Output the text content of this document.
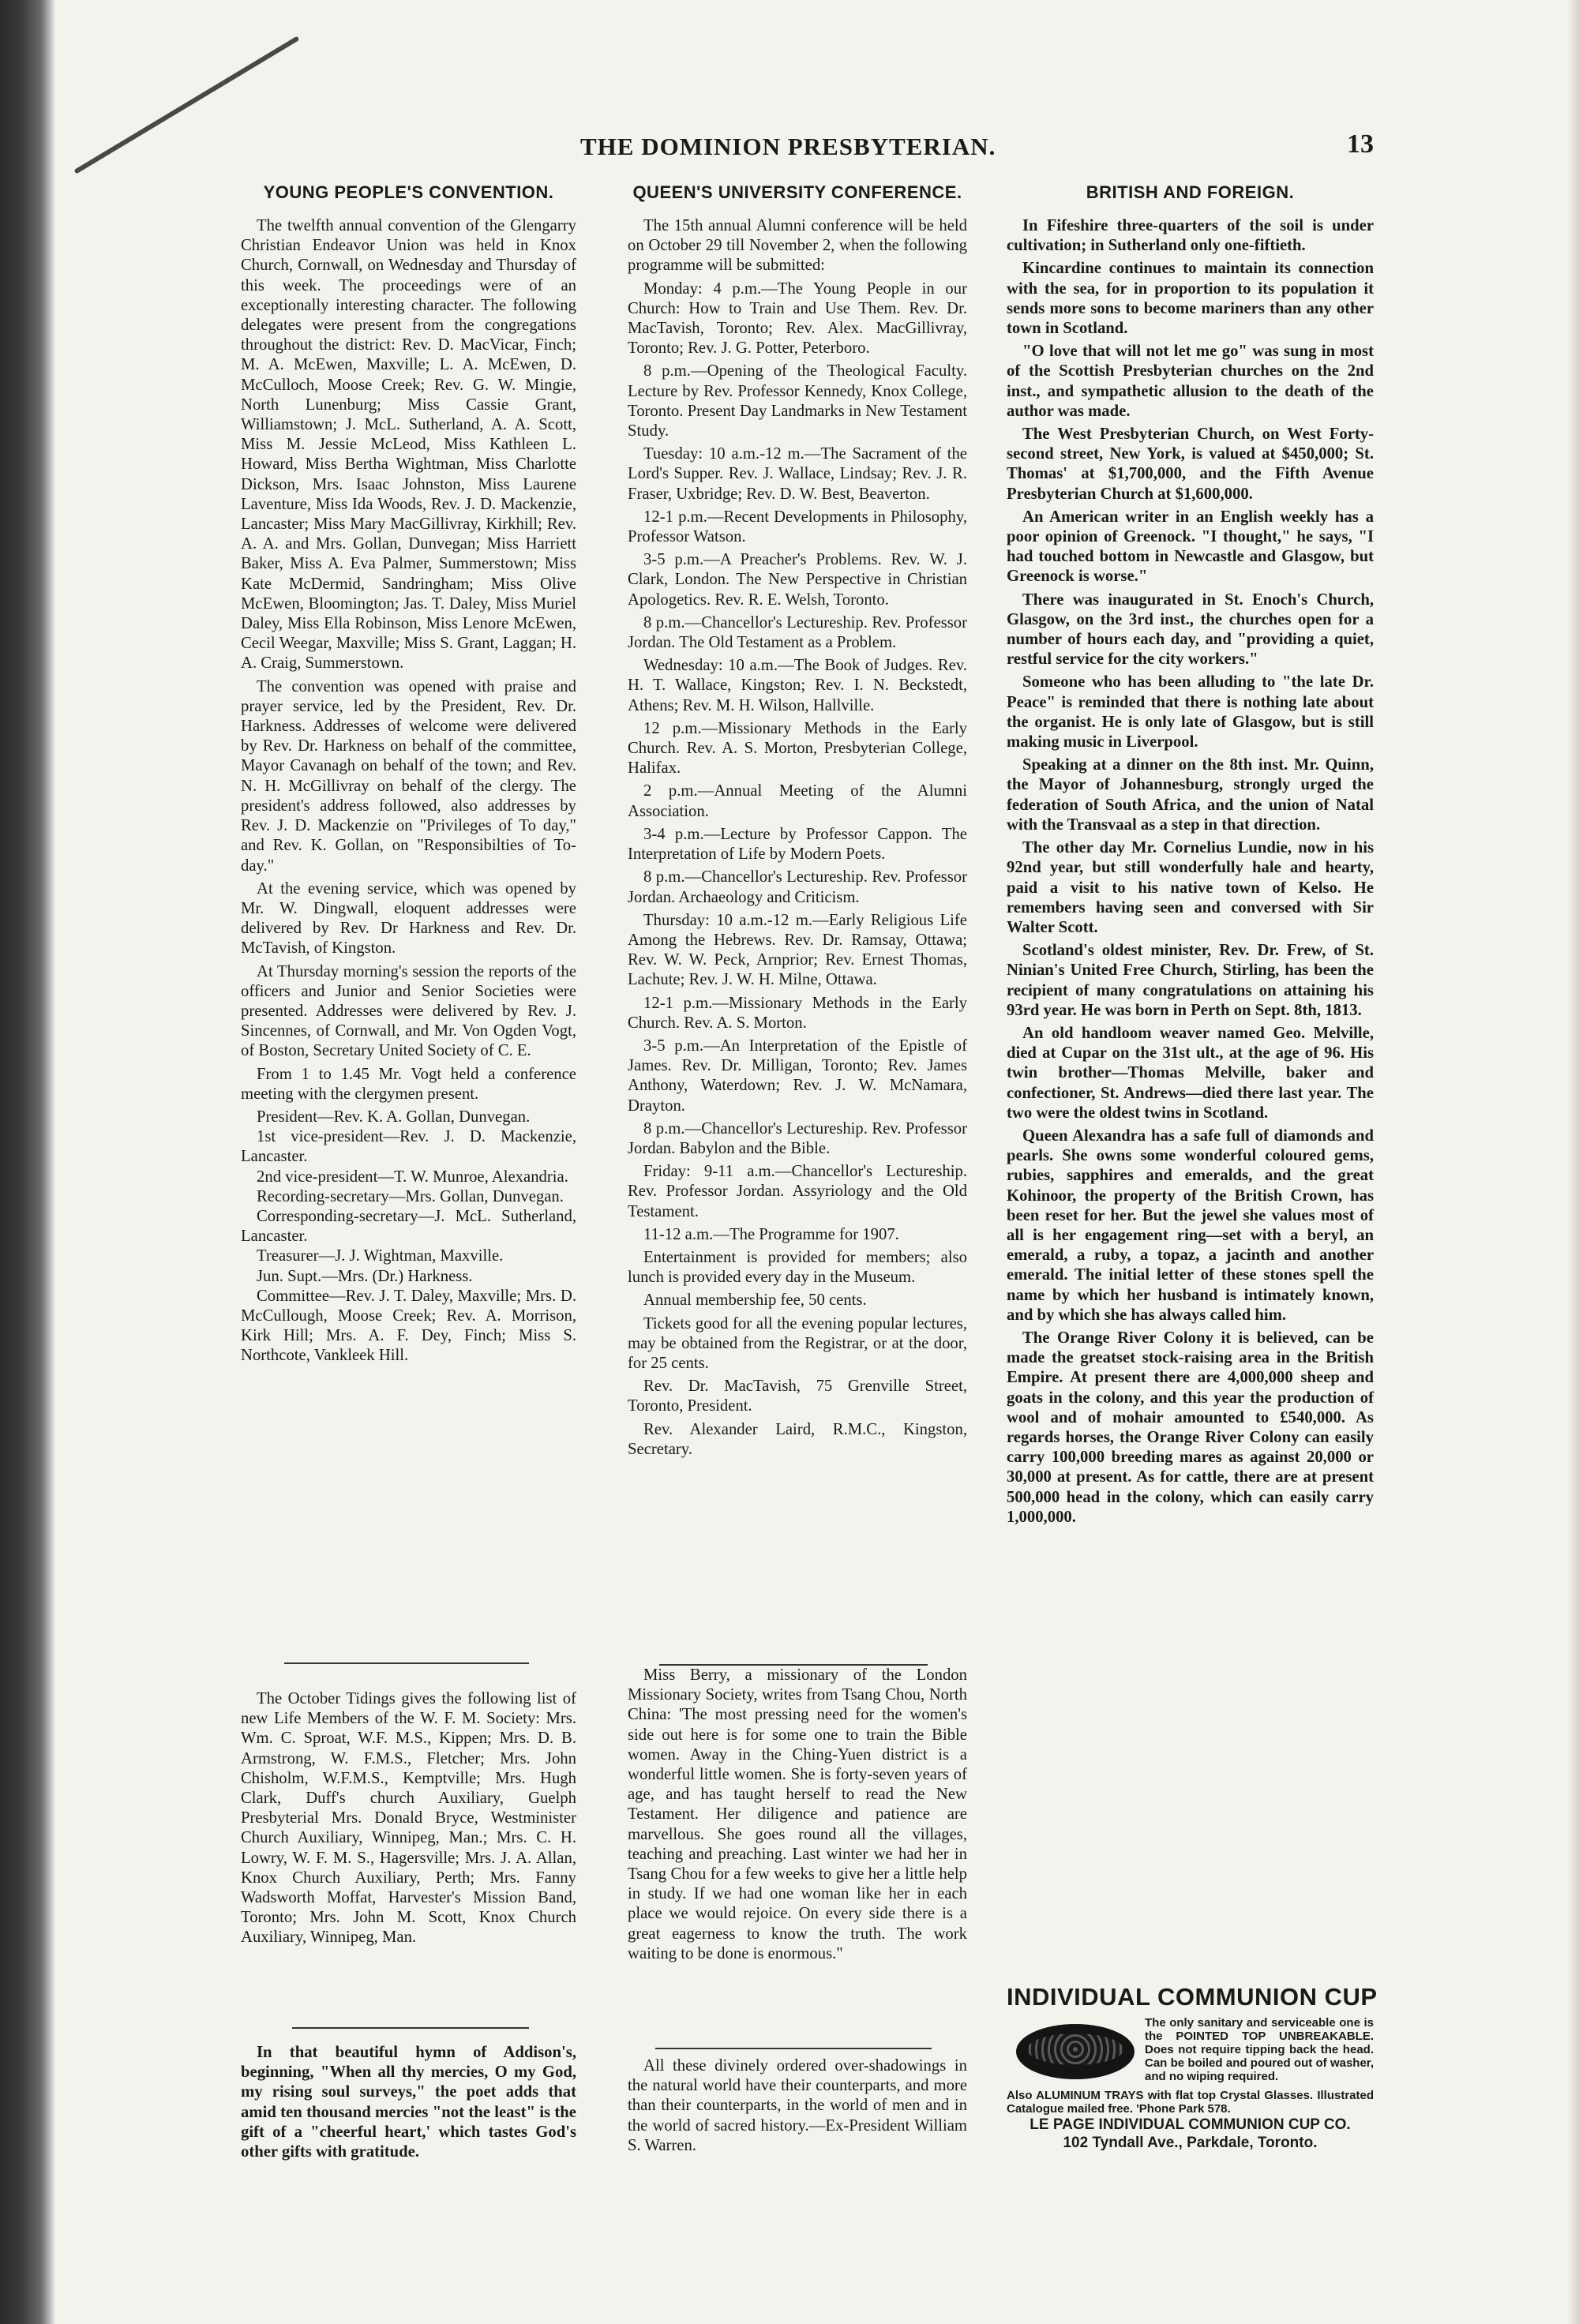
THE DOMINION PRESBYTERIAN.	13
YOUNG PEOPLE'S CONVENTION.

The twelfth annual convention of the Glengarry Christian Endeavor Union was held in Knox Church, Cornwall, on Wednesday and Thursday of this week. The proceedings were of an exceptionally interesting character. The following delegates were present from the congregations throughout the district: Rev. D. MacVicar, Finch; M. A. McEwen, Maxville; L. A. McEwen, D. McCulloch, Moose Creek; Rev. G. W. Mingie, North Lunenburg; Miss Cassie Grant, Williamstown; J. McL. Sutherland, A. A. Scott, Miss M. Jessie McLeod, Miss Kathleen L. Howard, Miss Bertha Wightman, Miss Charlotte Dickson, Mrs. Isaac Johnston, Miss Laurene Laventure, Miss Ida Woods, Rev. J. D. Mackenzie, Lancaster; Miss Mary MacGillivray, Kirkhill; Rev. A. A. and Mrs. Gollan, Dunvegan; Miss Harriett Baker, Miss A. Eva Palmer, Summerstown; Miss Kate McDermid, Sandringham; Miss Olive McEwen, Bloomington; Jas. T. Daley, Miss Muriel Daley, Miss Ella Robinson, Miss Lenore McEwen, Cecil Weegar, Maxville; Miss S. Grant, Laggan; H. A. Craig, Summerstown.

The convention was opened with praise and prayer service, led by the President, Rev. Dr. Harkness. Addresses of welcome were delivered by Rev. Dr. Harkness on behalf of the committee, Mayor Cavanagh on behalf of the town; and Rev. N. H. McGillivray on behalf of the clergy. The president's address followed, also addresses by Rev. J. D. Mackenzie on "Privileges of To day," and Rev. K. Gollan, on "Responsibilties of To-day."

At the evening service, which was opened by Mr. W. Dingwall, eloquent addresses were delivered by Rev. Dr Harkness and Rev. Dr. McTavish, of Kingston.

At Thursday morning's session the reports of the officers and Junior and Senior Societies were presented. Addresses were delivered by Rev. J. Sincennes, of Cornwall, and Mr. Von Ogden Vogt, of Boston, Secretary United Society of C. E.

From 1 to 1.45 Mr. Vogt held a conference meeting with the clergymen present.

President—Rev. K. A. Gollan, Dunvegan.

1st vice-president—Rev. J. D. Mackenzie, Lancaster.

2nd vice-president—T. W. Munroe, Alexandria.

Recording-secretary—Mrs. Gollan, Dunvegan.

Corresponding-secretary—J. McL. Sutherland, Lancaster.

Treasurer—J. J. Wightman, Maxville.

Jun. Supt.—Mrs. (Dr.) Harkness.

Committee—Rev. J. T. Daley, Maxville; Mrs. D. McCullough, Moose Creek; Rev. A. Morrison, Kirk Hill; Mrs. A. F. Dey, Finch; Miss S. Northcote, Vankleek Hill.

The October Tidings gives the following list of new Life Members of the W. F. M. Society: Mrs. Wm. C. Sproat, W.F. M.S., Kippen; Mrs. D. B. Armstrong, W. F.M.S., Fletcher; Mrs. John Chisholm, W.F.M.S., Kemptville; Mrs. Hugh Clark, Duff's church Auxiliary, Guelph Presbyterial Mrs. Donald Bryce, Westminister Church Auxiliary, Winnipeg, Man.; Mrs. C. H. Lowry, W. F. M. S., Hagersville; Mrs. J. A. Allan, Knox Church Auxiliary, Perth; Mrs. Fanny Wadsworth Moffat, Harvester's Mission Band, Toronto; Mrs. John M. Scott, Knox Church Auxiliary, Winnipeg, Man.

In that beautiful hymn of Addison's, beginning, "When all thy mercies, O my God, my rising soul surveys," the poet adds that amid ten thousand mercies "not the least" is the gift of a "cheerful heart,' which tastes God's other gifts with gratitude.

QUEEN'S UNIVERSITY CONFERENCE.

The 15th annual Alumni conference will be held on October 29 till November 2, when the following programme will be submitted:

Monday: 4 p.m.—The Young People in our Church: How to Train and Use Them. Rev. Dr. MacTavish, Toronto; Rev. Alex. MacGillivray, Toronto; Rev. J. G. Potter, Peterboro.

8 p.m.—Opening of the Theological Faculty. Lecture by Rev. Professor Kennedy, Knox College, Toronto. Present Day Landmarks in New Testament Study.

Tuesday: 10 a.m.-12 m.—The Sacrament of the Lord's Supper. Rev. J. Wallace, Lindsay; Rev. J. R. Fraser, Uxbridge; Rev. D. W. Best, Beaverton.

12-1 p.m.—Recent Developments in Philosophy, Professor Watson.

3-5 p.m.—A Preacher's Problems. Rev. W. J. Clark, London. The New Perspective in Christian Apologetics. Rev. R. E. Welsh, Toronto.

8 p.m.—Chancellor's Lectureship. Rev. Professor Jordan. The Old Testament as a Problem.

Wednesday: 10 a.m.—The Book of Judges. Rev. H. T. Wallace, Kingston; Rev. I. N. Beckstedt, Athens; Rev. M. H. Wilson, Hallville.

12 p.m.—Missionary Methods in the Early Church. Rev. A. S. Morton, Presbyterian College, Halifax.

2 p.m.—Annual Meeting of the Alumni Association.

3-4 p.m.—Lecture by Professor Cappon. The Interpretation of Life by Modern Poets.

8 p.m.—Chancellor's Lectureship. Rev. Professor Jordan. Archaeology and Criticism.

Thursday: 10 a.m.-12 m.—Early Religious Life Among the Hebrews. Rev. Dr. Ramsay, Ottawa; Rev. W. W. Peck, Arnprior; Rev. Ernest Thomas, Lachute; Rev. J. W. H. Milne, Ottawa.

12-1 p.m.—Missionary Methods in the Early Church. Rev. A. S. Morton.

3-5 p.m.—An Interpretation of the Epistle of James. Rev. Dr. Milligan, Toronto; Rev. James Anthony, Waterdown; Rev. J. W. McNamara, Drayton.

8 p.m.—Chancellor's Lectureship. Rev. Professor Jordan. Babylon and the Bible.

Friday: 9-11 a.m.—Chancellor's Lectureship. Rev. Professor Jordan. Assyriology and the Old Testament.

11-12 a.m.—The Programme for 1907.

Entertainment is provided for members; also lunch is provided every day in the Museum.

Annual membership fee, 50 cents.

Tickets good for all the evening popular lectures, may be obtained from the Registrar, or at the door, for 25 cents.

Rev. Dr. MacTavish, 75 Grenville Street, Toronto, President.

Rev. Alexander Laird, R.M.C., Kingston, Secretary.

Miss Berry, a missionary of the London Missionary Society, writes from Tsang Chou, North China: 'The most pressing need for the women's side out here is for some one to train the Bible women. Away in the Ching-Yuen district is a wonderful little women. She is forty-seven years of age, and has taught herself to read the New Testament. Her diligence and patience are marvellous. She goes round all the villages, teaching and preaching. Last winter we had her in Tsang Chou for a few weeks to give her a little help in study. If we had one woman like her in each place we would rejoice. On every side there is a great eagerness to know the truth. The work waiting to be done is enormous."

All these divinely ordered over-shadowings in the natural world have their counterparts, and more than their counterparts, in the world of men and in the world of sacred history.—Ex-President William S. Warren.

BRITISH AND FOREIGN.

In Fifeshire three-quarters of the soil is under cultivation; in Sutherland only one-fiftieth.

Kincardine continues to maintain its connection with the sea, for in proportion to its population it sends more sons to become mariners than any other town in Scotland.

"O love that will not let me go" was sung in most of the Scottish Presbyterian churches on the 2nd inst., and sympathetic allusion to the death of the author was made.

The West Presbyterian Church, on West Forty-second street, New York, is valued at $450,000; St. Thomas' at $1,700,000, and the Fifth Avenue Presbyterian Church at $1,600,000.

An American writer in an English weekly has a poor opinion of Greenock. "I thought," he says, "I had touched bottom in Newcastle and Glasgow, but Greenock is worse."

There was inaugurated in St. Enoch's Church, Glasgow, on the 3rd inst., the churches open for a number of hours each day, and "providing a quiet, restful service for the city workers."

Someone who has been alluding to "the late Dr. Peace" is reminded that there is nothing late about the organist. He is only late of Glasgow, but is still making music in Liverpool.

Speaking at a dinner on the 8th inst. Mr. Quinn, the Mayor of Johannesburg, strongly urged the federation of South Africa, and the union of Natal with the Transvaal as a step in that direction.

The other day Mr. Cornelius Lundie, now in his 92nd year, but still wonderfully hale and hearty, paid a visit to his native town of Kelso. He remembers having seen and conversed with Sir Walter Scott.

Scotland's oldest minister, Rev. Dr. Frew, of St. Ninian's United Free Church, Stirling, has been the recipient of many congratulations on attaining his 93rd year. He was born in Perth on Sept. 8th, 1813.

An old handloom weaver named Geo. Melville, died at Cupar on the 31st ult., at the age of 96. His twin brother—Thomas Melville, baker and confectioner, St. Andrews—died there last year. The two were the oldest twins in Scotland.

Queen Alexandra has a safe full of diamonds and pearls. She owns some wonderful coloured gems, rubies, sapphires and emeralds, and the great Kohinoor, the property of the British Crown, has been reset for her. But the jewel she values most of all is her engagement ring—set with a beryl, an emerald, a ruby, a topaz, a jacinth and another emerald. The initial letter of these stones spell the name by which her husband is intimately known, and by which she has always called him.

The Orange River Colony it is believed, can be made the greatset stock-raising area in the British Empire. At present there are 4,000,000 sheep and goats in the colony, and this year the production of wool and of mohair amounted to £540,000. As regards horses, the Orange River Colony can easily carry 100,000 breeding mares as against 20,000 or 30,000 at present. As for cattle, there are at present 500,000 head in the colony, which can easily carry 1,000,000.

INDIVIDUAL COMMUNION CUP
The only sanitary and serviceable one is the POINTED TOP UNBREAKABLE. Does not require tipping back the head. Can be boiled and poured out of washer, and no wiping required.
Also ALUMINUM TRAYS with flat top Crystal Glasses. Illustrated Catalogue mailed free. 'Phone Park 578.
LE PAGE INDIVIDUAL COMMUNION CUP CO.
102 Tyndall Ave., Parkdale, Toronto.
